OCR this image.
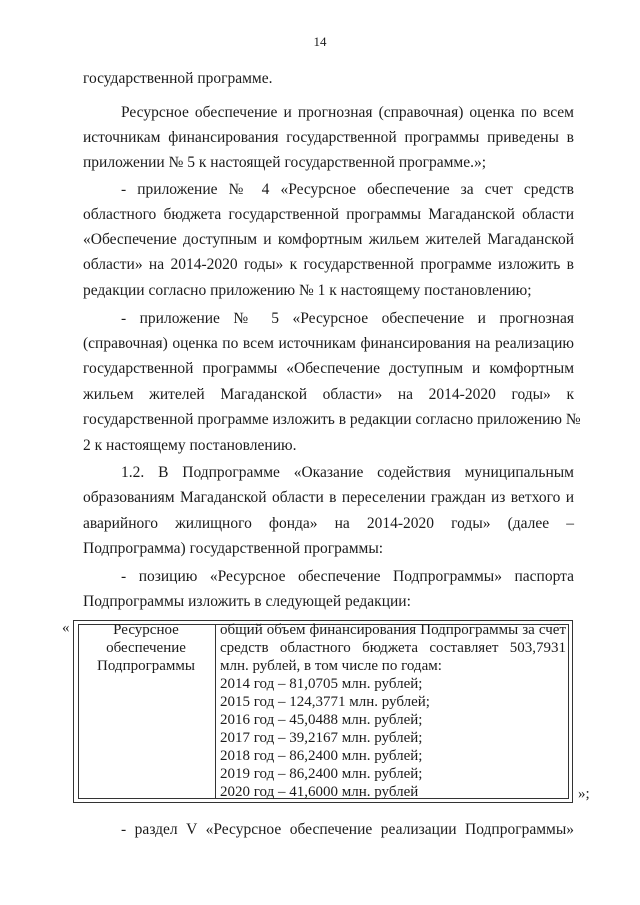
14
государственной программе.
Ресурсное обеспечение и прогнозная (справочная) оценка по всем
источникам финансирования государственной программы приведены в
приложении № 5 к настоящей государственной программе.»;
- приложение № 4 «Ресурсное обеспечение за счет средств
областного бюджета государственной программы Магаданской области
«Обеспечение доступным и комфортным жильем жителей Магаданской
области» на 2014-2020 годы» к государственной программе изложить в
редакции согласно приложению № 1 к настоящему постановлению;
- приложение № 5 «Ресурсное обеспечение и прогнозная
(справочная) оценка по всем источникам финансирования на реализацию
государственной программы «Обеспечение доступным и комфортным
жильем жителей Магаданской области» на 2014-2020 годы» к
государственной программе изложить в редакции согласно приложению №
2 к настоящему постановлению.
1.2. В Подпрограмме «Оказание содействия муниципальным
образованиям Магаданской области в переселении граждан из ветхого и
аварийного жилищного фонда» на 2014-2020 годы» (далее –
Подпрограмма) государственной программы:
- позицию «Ресурсное обеспечение Подпрограммы» паспорта
Подпрограммы изложить в следующей редакции:
«	Ресурсное
обеспечение
Подпрограммы
общий объем финансирования Подпрограммы за счет
средств областного бюджета составляет 503,7931
млн. рублей, в том числе по годам:
2014 год – 81,0705 млн. рублей;
2015 год – 124,3771 млн. рублей;
2016 год – 45,0488 млн. рублей;
2017 год – 39,2167 млн. рублей;
2018 год – 86,2400 млн. рублей;
2019 год – 86,2400 млн. рублей;
2020 год – 41,6000 млн. рублей	»;
- раздел V «Ресурсное обеспечение реализации Подпрограммы»
